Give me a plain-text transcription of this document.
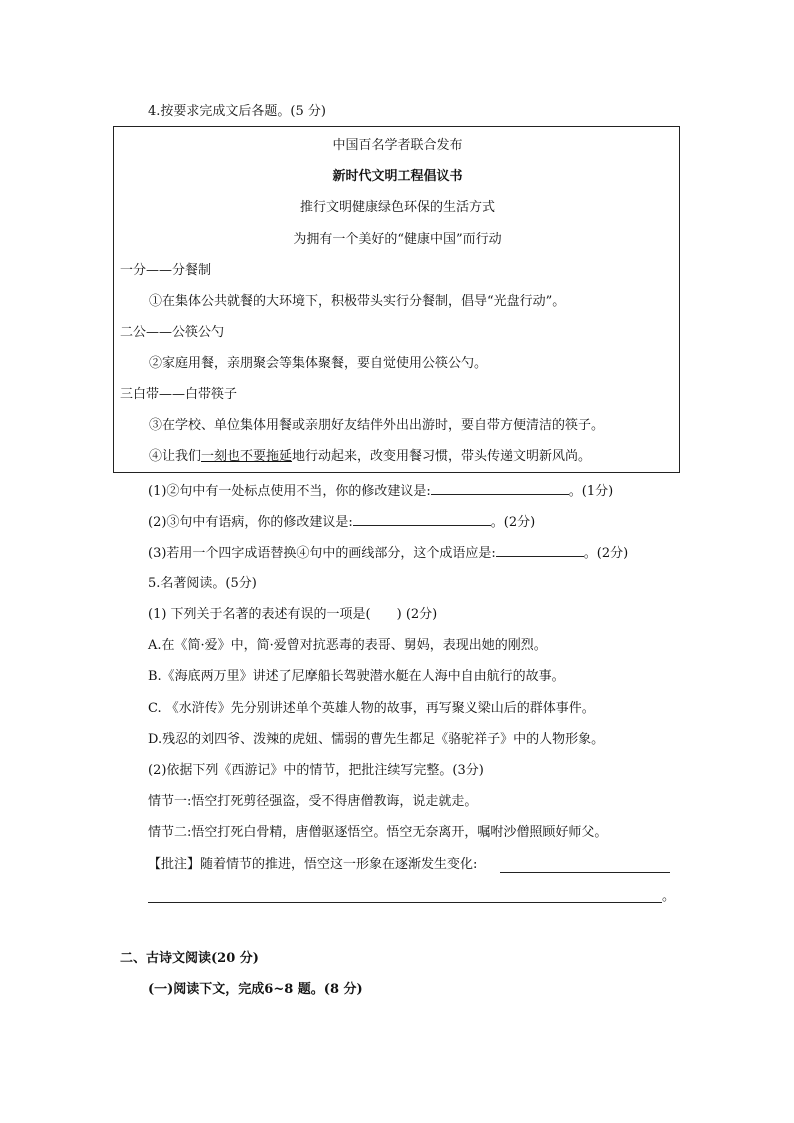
4.按要求完成文后各题。(5 分)
中国百名学者联合发布
新时代文明工程倡议书
推行文明健康绿色环保的生活方式
为拥有一个美好的“健康中国”而行动
一分——分餐制
①在集体公共就餐的大环境下，积极带头实行分餐制，倡导“光盘行动”。
二公——公筷公勺
②家庭用餐，亲朋聚会等集体聚餐，要自觉使用公筷公勺。
三白带——白带筷子
③在学校、单位集体用餐或亲朋好友结伴外出出游时，要自带方便清洁的筷子。
④让我们一刻也不要拖延地行动起来，改变用餐习惯，带头传递文明新风尚。
(1)②句中有一处标点使用不当，你的修改建议是:	。(1分)
(2)③句中有语病，你的修改建议是:	。(2分)
(3)若用一个四字成语替换④句中的画线部分，这个成语应是:	。(2分)
5.名著阅读。(5分)
(1) 下列关于名著的表述有误的一项是(　　) (2分)
A.在《简·爱》中，简·爱曾对抗恶毒的表哥、舅妈，表现出她的刚烈。
B.《海底两万里》讲述了尼摩船长驾驶潜水艇在人海中自由航行的故事。
C. 《水浒传》先分别讲述单个英雄人物的故事，再写聚义梁山后的群体事件。
D.残忍的刘四爷、泼辣的虎妞、懦弱的曹先生都足《骆驼祥子》中的人物形象。
(2)依据下列《西游记》中的情节，把批注续写完整。(3分)
情节一:悟空打死剪径强盗，受不得唐僧教诲，说走就走。
情节二:悟空打死白骨精，唐僧驱逐悟空。悟空无奈离开，嘱咐沙僧照顾好师父。
【批注】随着情节的推进，悟空这一形象在逐渐发生变化:
。
二、古诗文阅读(20 分)
(一)阅读下文，完成6~8 题。(8 分)
